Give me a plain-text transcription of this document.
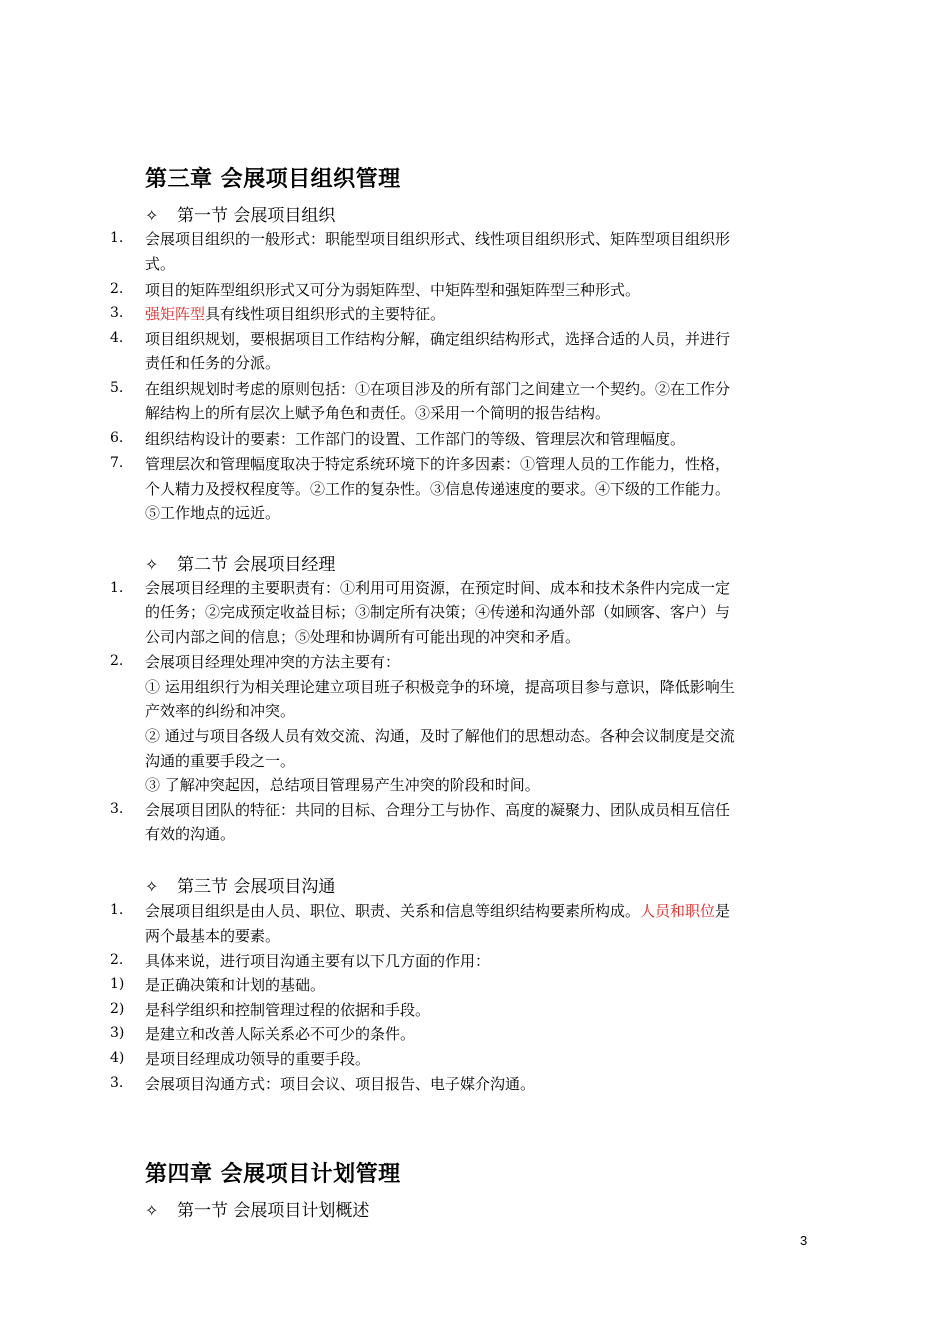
第三章 会展项目组织管理
✧ 第一节 会展项目组织
1. 会展项目组织的一般形式：职能型项目组织形式、线性项目组织形式、矩阵型项目组织形
式。
2. 项目的矩阵型组织形式又可分为弱矩阵型、中矩阵型和强矩阵型三种形式。
3. 强矩阵型具有线性项目组织形式的主要特征。
4. 项目组织规划，要根据项目工作结构分解，确定组织结构形式，选择合适的人员，并进行
责任和任务的分派。
5. 在组织规划时考虑的原则包括：①在项目涉及的所有部门之间建立一个契约。②在工作分
解结构上的所有层次上赋予角色和责任。③采用一个简明的报告结构。
6. 组织结构设计的要素：工作部门的设置、工作部门的等级、管理层次和管理幅度。
7. 管理层次和管理幅度取决于特定系统环境下的许多因素：①管理人员的工作能力，性格，
个人精力及授权程度等。②工作的复杂性。③信息传递速度的要求。④下级的工作能力。
⑤工作地点的远近。
✧ 第二节 会展项目经理
1. 会展项目经理的主要职责有：①利用可用资源，在预定时间、成本和技术条件内完成一定
的任务；②完成预定收益目标；③制定所有决策；④传递和沟通外部（如顾客、客户）与
公司内部之间的信息；⑤处理和协调所有可能出现的冲突和矛盾。
2. 会展项目经理处理冲突的方法主要有：
① 运用组织行为相关理论建立项目班子积极竞争的环境，提高项目参与意识，降低影响生
产效率的纠纷和冲突。
② 通过与项目各级人员有效交流、沟通，及时了解他们的思想动态。各种会议制度是交流
沟通的重要手段之一。
③ 了解冲突起因，总结项目管理易产生冲突的阶段和时间。
3. 会展项目团队的特征：共同的目标、合理分工与协作、高度的凝聚力、团队成员相互信任
有效的沟通。
✧ 第三节 会展项目沟通
1. 会展项目组织是由人员、职位、职责、关系和信息等组织结构要素所构成。人员和职位是
两个最基本的要素。
2. 具体来说，进行项目沟通主要有以下几方面的作用：
1) 是正确决策和计划的基础。
2) 是科学组织和控制管理过程的依据和手段。
3) 是建立和改善人际关系必不可少的条件。
4) 是项目经理成功领导的重要手段。
3. 会展项目沟通方式：项目会议、项目报告、电子媒介沟通。
第四章 会展项目计划管理
✧ 第一节 会展项目计划概述
3
